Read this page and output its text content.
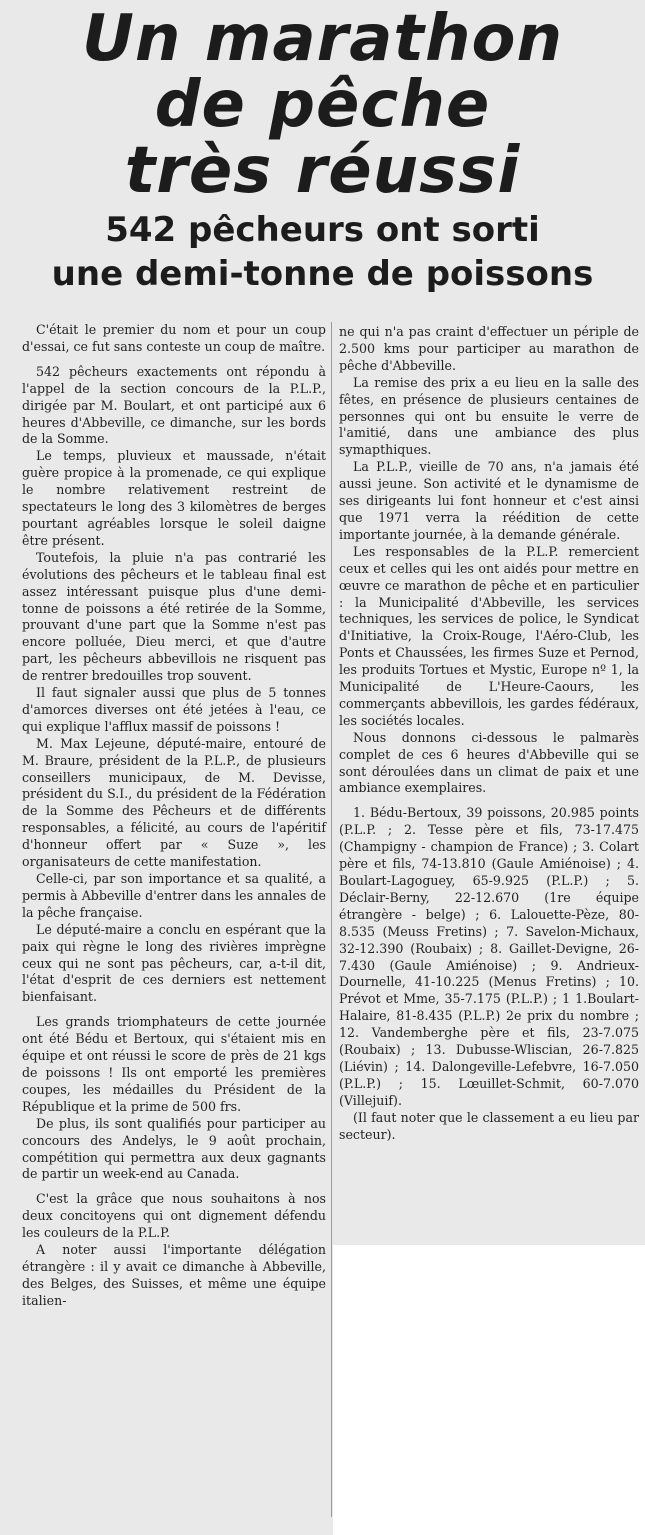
Un marathon
de pêche
très réussi
542 pêcheurs ont sorti
une demi-tonne de poissons

C'était le premier du nom et pour un coup d'essai, ce fut sans conteste un coup de maître.

542 pêcheurs exactements ont répondu à l'appel de la section concours de la P.L.P., dirigée par M. Boulart, et ont participé aux 6 heures d'Abbeville, ce dimanche, sur les bords de la Somme.

Le temps, pluvieux et maussade, n'était guère propice à la promenade, ce qui explique le nombre relativement restreint de spectateurs le long des 3 kilomètres de berges pourtant agréables lorsque le soleil daigne être présent.

Toutefois, la pluie n'a pas contrarié les évolutions des pêcheurs et le tableau final est assez intéressant puisque plus d'une demi-tonne de poissons a été retirée de la Somme, prouvant d'une part que la Somme n'est pas encore polluée, Dieu merci, et que d'autre part, les pêcheurs abbevillois ne risquent pas de rentrer bredouilles trop souvent.

Il faut signaler aussi que plus de 5 tonnes d'amorces diverses ont été jetées à l'eau, ce qui explique l'afflux massif de poissons !

M. Max Lejeune, député-maire, entouré de M. Braure, président de la P.L.P., de plusieurs conseillers municipaux, de M. Devisse, président du S.I., du président de la Fédération de la Somme des Pêcheurs et de différents responsables, a félicité, au cours de l'apéritif d'honneur offert par « Suze », les organisateurs de cette manifestation.

Celle-ci, par son importance et sa qualité, a permis à Abbeville d'entrer dans les annales de la pêche française.

Le député-maire a conclu en espérant que la paix qui règne le long des rivières imprègne ceux qui ne sont pas pêcheurs, car, a-t-il dit, l'état d'esprit de ces derniers est nettement bienfaisant.

Les grands triomphateurs de cette journée ont été Bédu et Bertoux, qui s'étaient mis en équipe et ont réussi le score de près de 21 kgs de poissons ! Ils ont emporté les premières coupes, les médailles du Président de la République et la prime de 500 frs.

De plus, ils sont qualifiés pour participer au concours des Andelys, le 9 août prochain, compétition qui permettra aux deux gagnants de partir un week-end au Canada.

C'est la grâce que nous souhaitons à nos deux concitoyens qui ont dignement défendu les couleurs de la P.L.P.

A noter aussi l'importante délégation étrangère : il y avait ce dimanche à Abbeville, des Belges, des Suisses, et même une équipe italien-

ne qui n'a pas craint d'effectuer un périple de 2.500 kms pour participer au marathon de pêche d'Abbeville.

La remise des prix a eu lieu en la salle des fêtes, en présence de plusieurs centaines de personnes qui ont bu ensuite le verre de l'amitié, dans une ambiance des plus symapthiques.

La P.L.P., vieille de 70 ans, n'a jamais été aussi jeune. Son activité et le dynamisme de ses dirigeants lui font honneur et c'est ainsi que 1971 verra la réédition de cette importante journée, à la demande générale.

Les responsables de la P.L.P. remercient ceux et celles qui les ont aidés pour mettre en œuvre ce marathon de pêche et en particulier : la Municipalité d'Abbeville, les services techniques, les services de police, le Syndicat d'Initiative, la Croix-Rouge, l'Aéro-Club, les Ponts et Chaussées, les firmes Suze et Pernod, les produits Tortues et Mystic, Europe nº 1, la Municipalité de L'Heure-Caours, les commerçants abbevillois, les gardes fédéraux, les sociétés locales.

Nous donnons ci-dessous le palmarès complet de ces 6 heures d'Abbeville qui se sont déroulées dans un climat de paix et une ambiance exemplaires.

1. Bédu-Bertoux, 39 poissons, 20.985 points (P.L.P. ; 2. Tesse père et fils, 73-17.475 (Champigny - champion de France) ; 3. Colart père et fils, 74-13.810 (Gaule Amiénoise) ; 4. Boulart-Lagoguey, 65-9.925 (P.L.P.) ; 5. Déclair-Berny, 22-12.670 (1re équipe étrangère - belge) ; 6. Lalouette-Pèze, 80-8.535 (Meuss Fretins) ; 7. Savelon-Michaux, 32-12.390 (Roubaix) ; 8. Gaillet-Devigne, 26-7.430 (Gaule Amiénoise) ; 9. Andrieux-Dournelle, 41-10.225 (Menus Fretins) ; 10. Prévot et Mme, 35-7.175 (P.L.P.) ; 1 1.Boulart-Halaire, 81-8.435 (P.L.P.) 2e prix du nombre ; 12. Vandemberghe père et fils, 23-7.075 (Roubaix) ; 13. Dubusse-Wliscian, 26-7.825 (Liévin) ; 14. Dalongeville-Lefebvre, 16-7.050 (P.L.P.) ; 15. Lœuillet-Schmit, 60-7.070 (Villejuif).

(Il faut noter que le classement a eu lieu par secteur).
